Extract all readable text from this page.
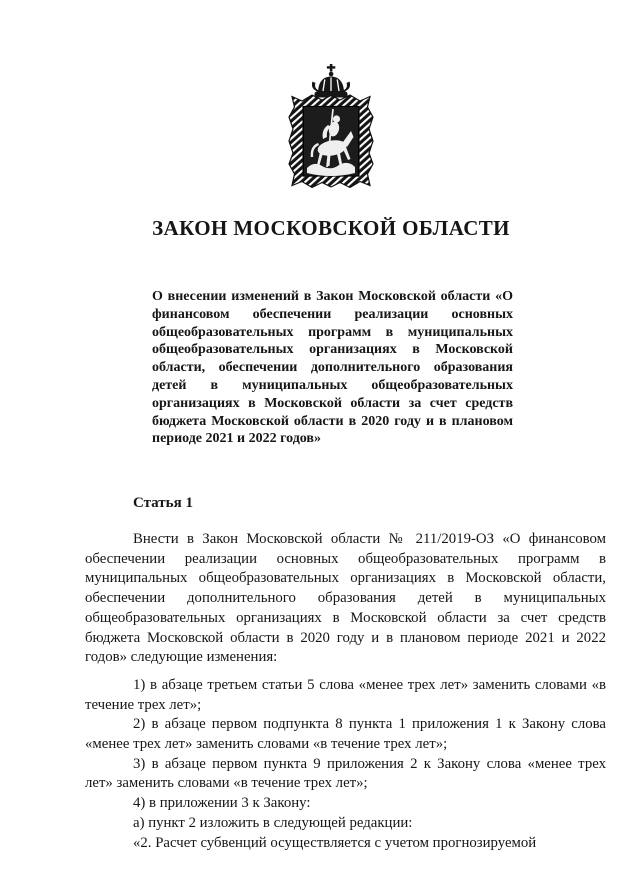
ЗАКОН МОСКОВСКОЙ ОБЛАСТИ
О внесении изменений в Закон Московской области «О финансовом обеспечении реализации основных общеобразовательных программ в муниципальных общеобразовательных организациях в Московской области, обеспечении дополнительного образования детей в муниципальных общеобразовательных организациях в Московской области за счет средств бюджета Московской области в 2020 году и в плановом периоде 2021 и 2022 годов»
Статья 1

Внести в Закон Московской области № 211/2019-ОЗ «О финансовом обеспечении реализации основных общеобразовательных программ в муниципальных общеобразовательных организациях в Московской области, обеспечении дополнительного образования детей в муниципальных общеобразовательных организациях в Московской области за счет средств бюджета Московской области в 2020 году и в плановом периоде 2021 и 2022 годов» следующие изменения:

1) в абзаце третьем статьи 5 слова «менее трех лет» заменить словами «в течение трех лет»;

2) в абзаце первом подпункта 8 пункта 1 приложения 1 к Закону слова «менее трех лет» заменить словами «в течение трех лет»;

3) в абзаце первом пункта 9 приложения 2 к Закону слова «менее трех лет» заменить словами «в течение трех лет»;

4) в приложении 3 к Закону:

а) пункт 2 изложить в следующей редакции:

«2. Расчет субвенций осуществляется с учетом прогнозируемой
